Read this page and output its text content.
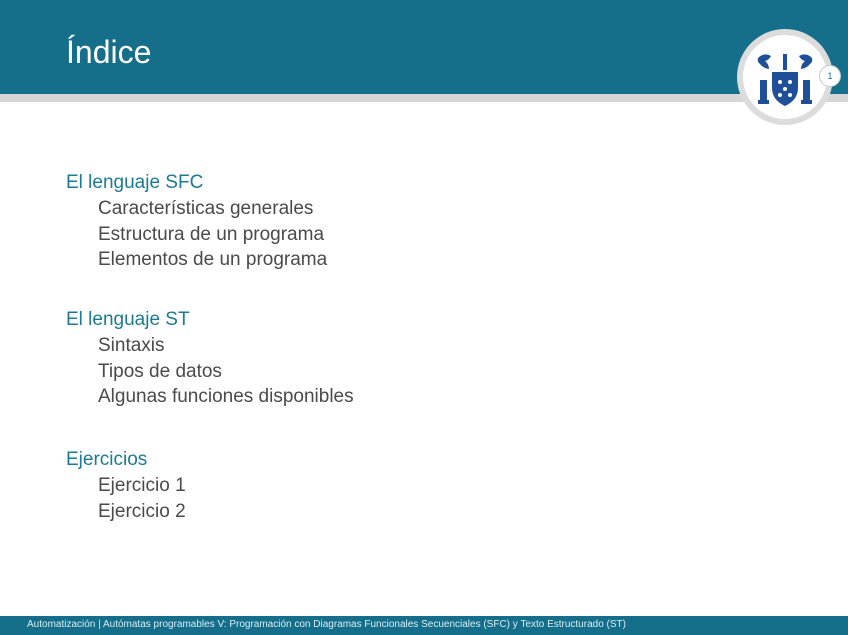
Índice
1
El lenguaje SFC
Características generales
Estructura de un programa
Elementos de un programa
El lenguaje ST
Sintaxis
Tipos de datos
Algunas funciones disponibles
Ejercicios
Ejercicio 1
Ejercicio 2
Automatización | Autómatas programables V: Programación con Diagramas Funcionales Secuenciales (SFC) y Texto Estructurado (ST)
